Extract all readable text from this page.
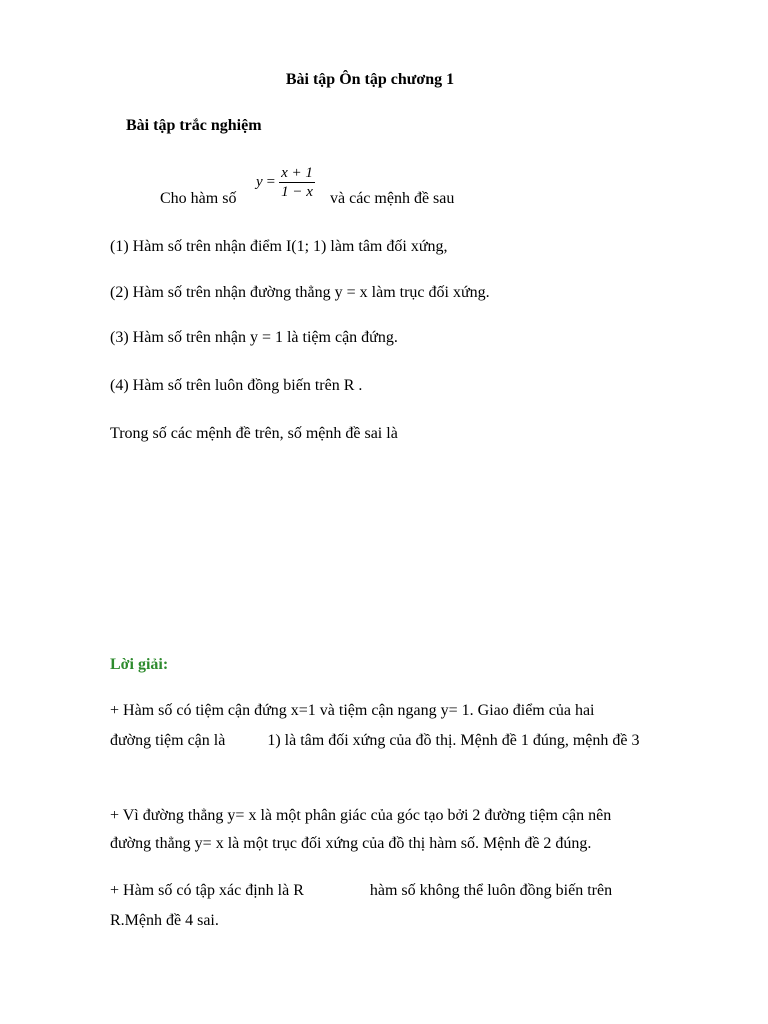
Bài tập Ôn tập chương 1
Bài tập trắc nghiệm
$y = \frac{x + 1}{1 - x}$
Cho hàm số	và các mệnh đề sau
(1) Hàm số trên nhận điểm I(1; 1) làm tâm đối xứng,
(2) Hàm số trên nhận đường thẳng y = x làm trục đối xứng.
(3) Hàm số trên nhận y = 1 là tiệm cận đứng.
(4) Hàm số trên luôn đồng biến trên R .
Trong số các mệnh đề trên, số mệnh đề sai là
Lời giải:
+ Hàm số có tiệm cận đứng x=1 và tiệm cận ngang y= 1. Giao điểm của hai
đường tiệm cận là	1) là tâm đối xứng của đồ thị. Mệnh đề 1 đúng, mệnh đề 3
+ Vì đường thẳng y= x là một phân giác của góc tạo bởi 2 đường tiệm cận nên
đường thẳng y= x là một trục đối xứng của đồ thị hàm số. Mệnh đề 2 đúng.
+ Hàm số có tập xác định là R	hàm số không thể luôn đồng biến trên
R.Mệnh đề 4 sai.
